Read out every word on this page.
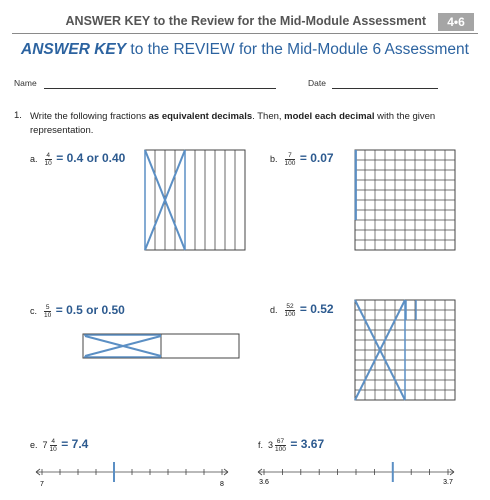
ANSWER KEY to the Review for the Mid-Module Assessment	4•6
ANSWER KEY to the REVIEW for the Mid-Module 6 Assessment
Name	Date
1. Write the following fractions as equivalent decimals. Then, model each decimal with the given representation.
a. $\frac{4}{10} = 0.4$ or 0.40	b. $\frac{7}{100} = 0.07$
c. $\frac{5}{10} = 0.5$ or 0.50	d. $\frac{52}{100} = 0.52$
e. $7 \frac{4}{10} = 7.4$
7	8
f. $3 \frac{67}{100} = 3.67$
3.6	3.7
